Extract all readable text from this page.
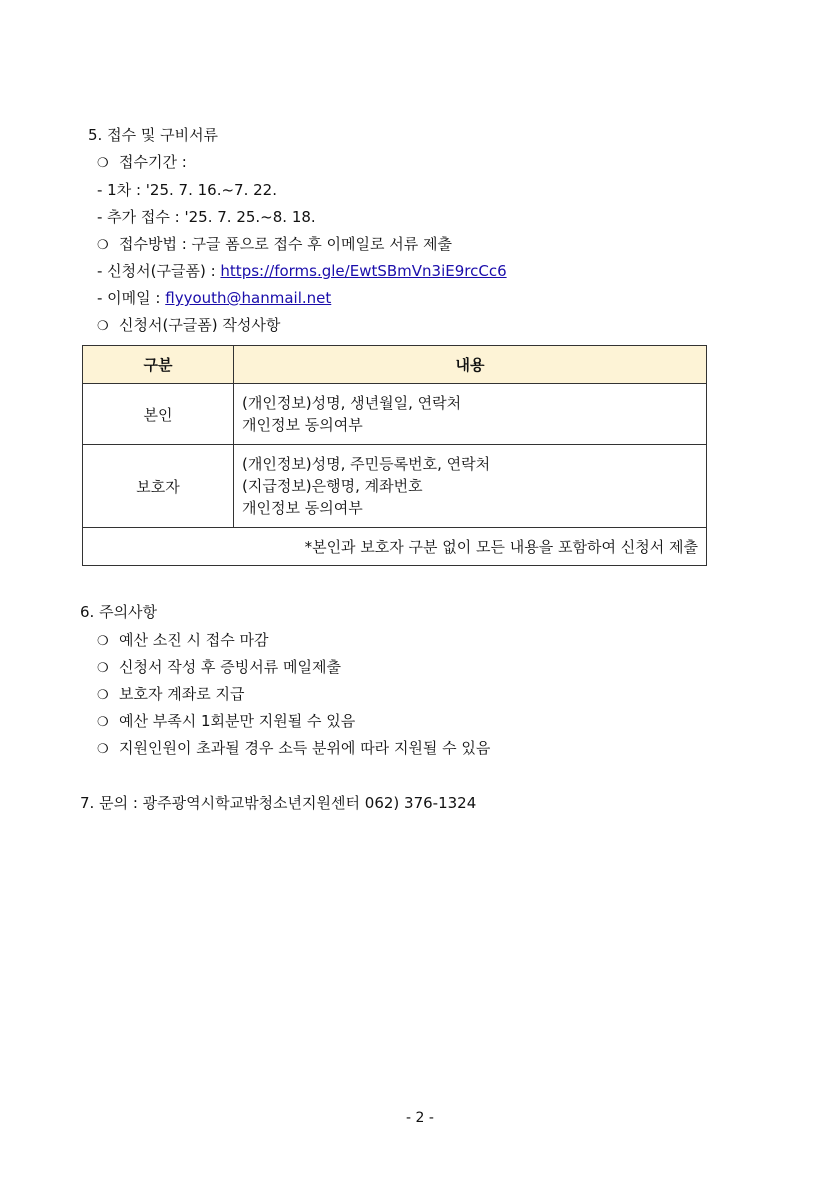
5. 접수 및 구비서류
❍ 접수기간 :
- 1차 : '25. 7. 16.~7. 22.
- 추가 접수 : '25. 7. 25.~8. 18.
❍ 접수방법 : 구글 폼으로 접수 후 이메일로 서류 제출
- 신청서(구글폼) : https://forms.gle/EwtSBmVn3iE9rcCc6
- 이메일 : flyyouth@hanmail.net
❍ 신청서(구글폼) 작성사항
구분	내용
본인	(개인정보)성명, 생년월일, 연락처
개인정보 동의여부

보호자	(개인정보)성명, 주민등록번호, 연락처
(지급정보)은행명, 계좌번호
개인정보 동의여부

*본인과 보호자 구분 없이 모든 내용을 포함하여 신청서 제출	
6. 주의사항
❍ 예산 소진 시 접수 마감
❍ 신청서 작성 후 증빙서류 메일제출
❍ 보호자 계좌로 지급
❍ 예산 부족시 1회분만 지원될 수 있음
❍ 지원인원이 초과될 경우 소득 분위에 따라 지원될 수 있음
7. 문의 : 광주광역시학교밖청소년지원센터 062) 376-1324
- 2 -
